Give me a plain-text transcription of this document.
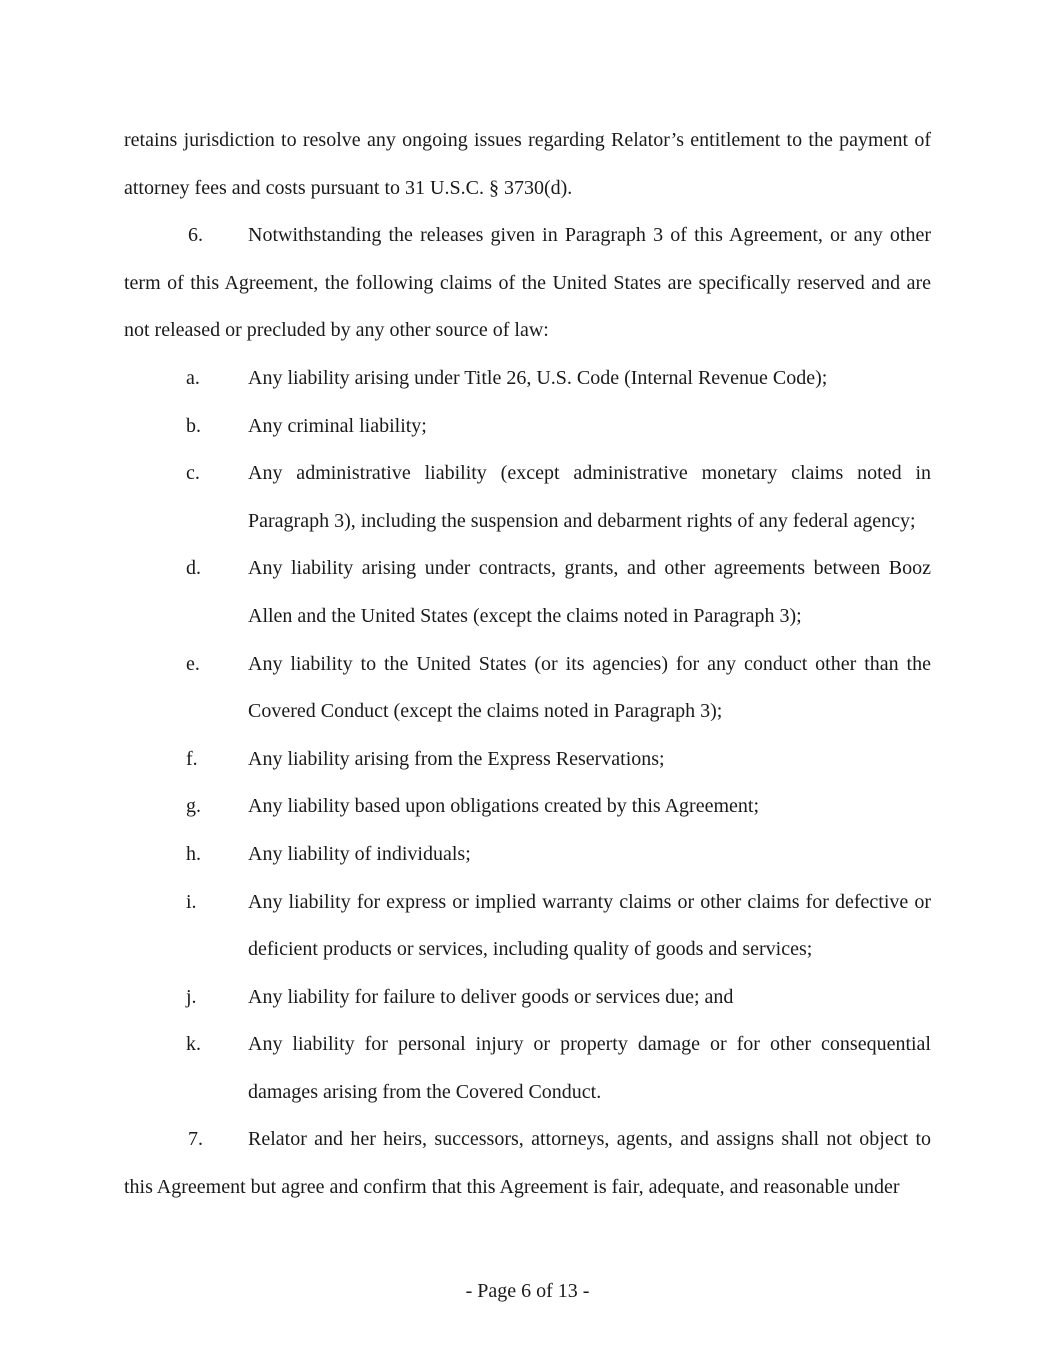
retains jurisdiction to resolve any ongoing issues regarding Relator’s entitlement to the payment of attorney fees and costs pursuant to 31 U.S.C. § 3730(d).

6. Notwithstanding the releases given in Paragraph 3 of this Agreement, or any other term of this Agreement, the following claims of the United States are specifically reserved and are not released or precluded by any other source of law:

a.	Any liability arising under Title 26, U.S. Code (Internal Revenue Code);
b.	Any criminal liability;
c.	Any administrative liability (except administrative monetary claims noted in Paragraph 3), including the suspension and debarment rights of any federal agency;
d.	Any liability arising under contracts, grants, and other agreements between Booz Allen and the United States (except the claims noted in Paragraph 3);
e.	Any liability to the United States (or its agencies) for any conduct other than the Covered Conduct (except the claims noted in Paragraph 3);
f.	Any liability arising from the Express Reservations;
g.	Any liability based upon obligations created by this Agreement;
h.	Any liability of individuals;
i.	Any liability for express or implied warranty claims or other claims for defective or deficient products or services, including quality of goods and services;
j.	Any liability for failure to deliver goods or services due; and
k.	Any liability for personal injury or property damage or for other consequential damages arising from the Covered Conduct.

7. Relator and her heirs, successors, attorneys, agents, and assigns shall not object to this Agreement but agree and confirm that this Agreement is fair, adequate, and reasonable under

- Page 6 of 13 -
